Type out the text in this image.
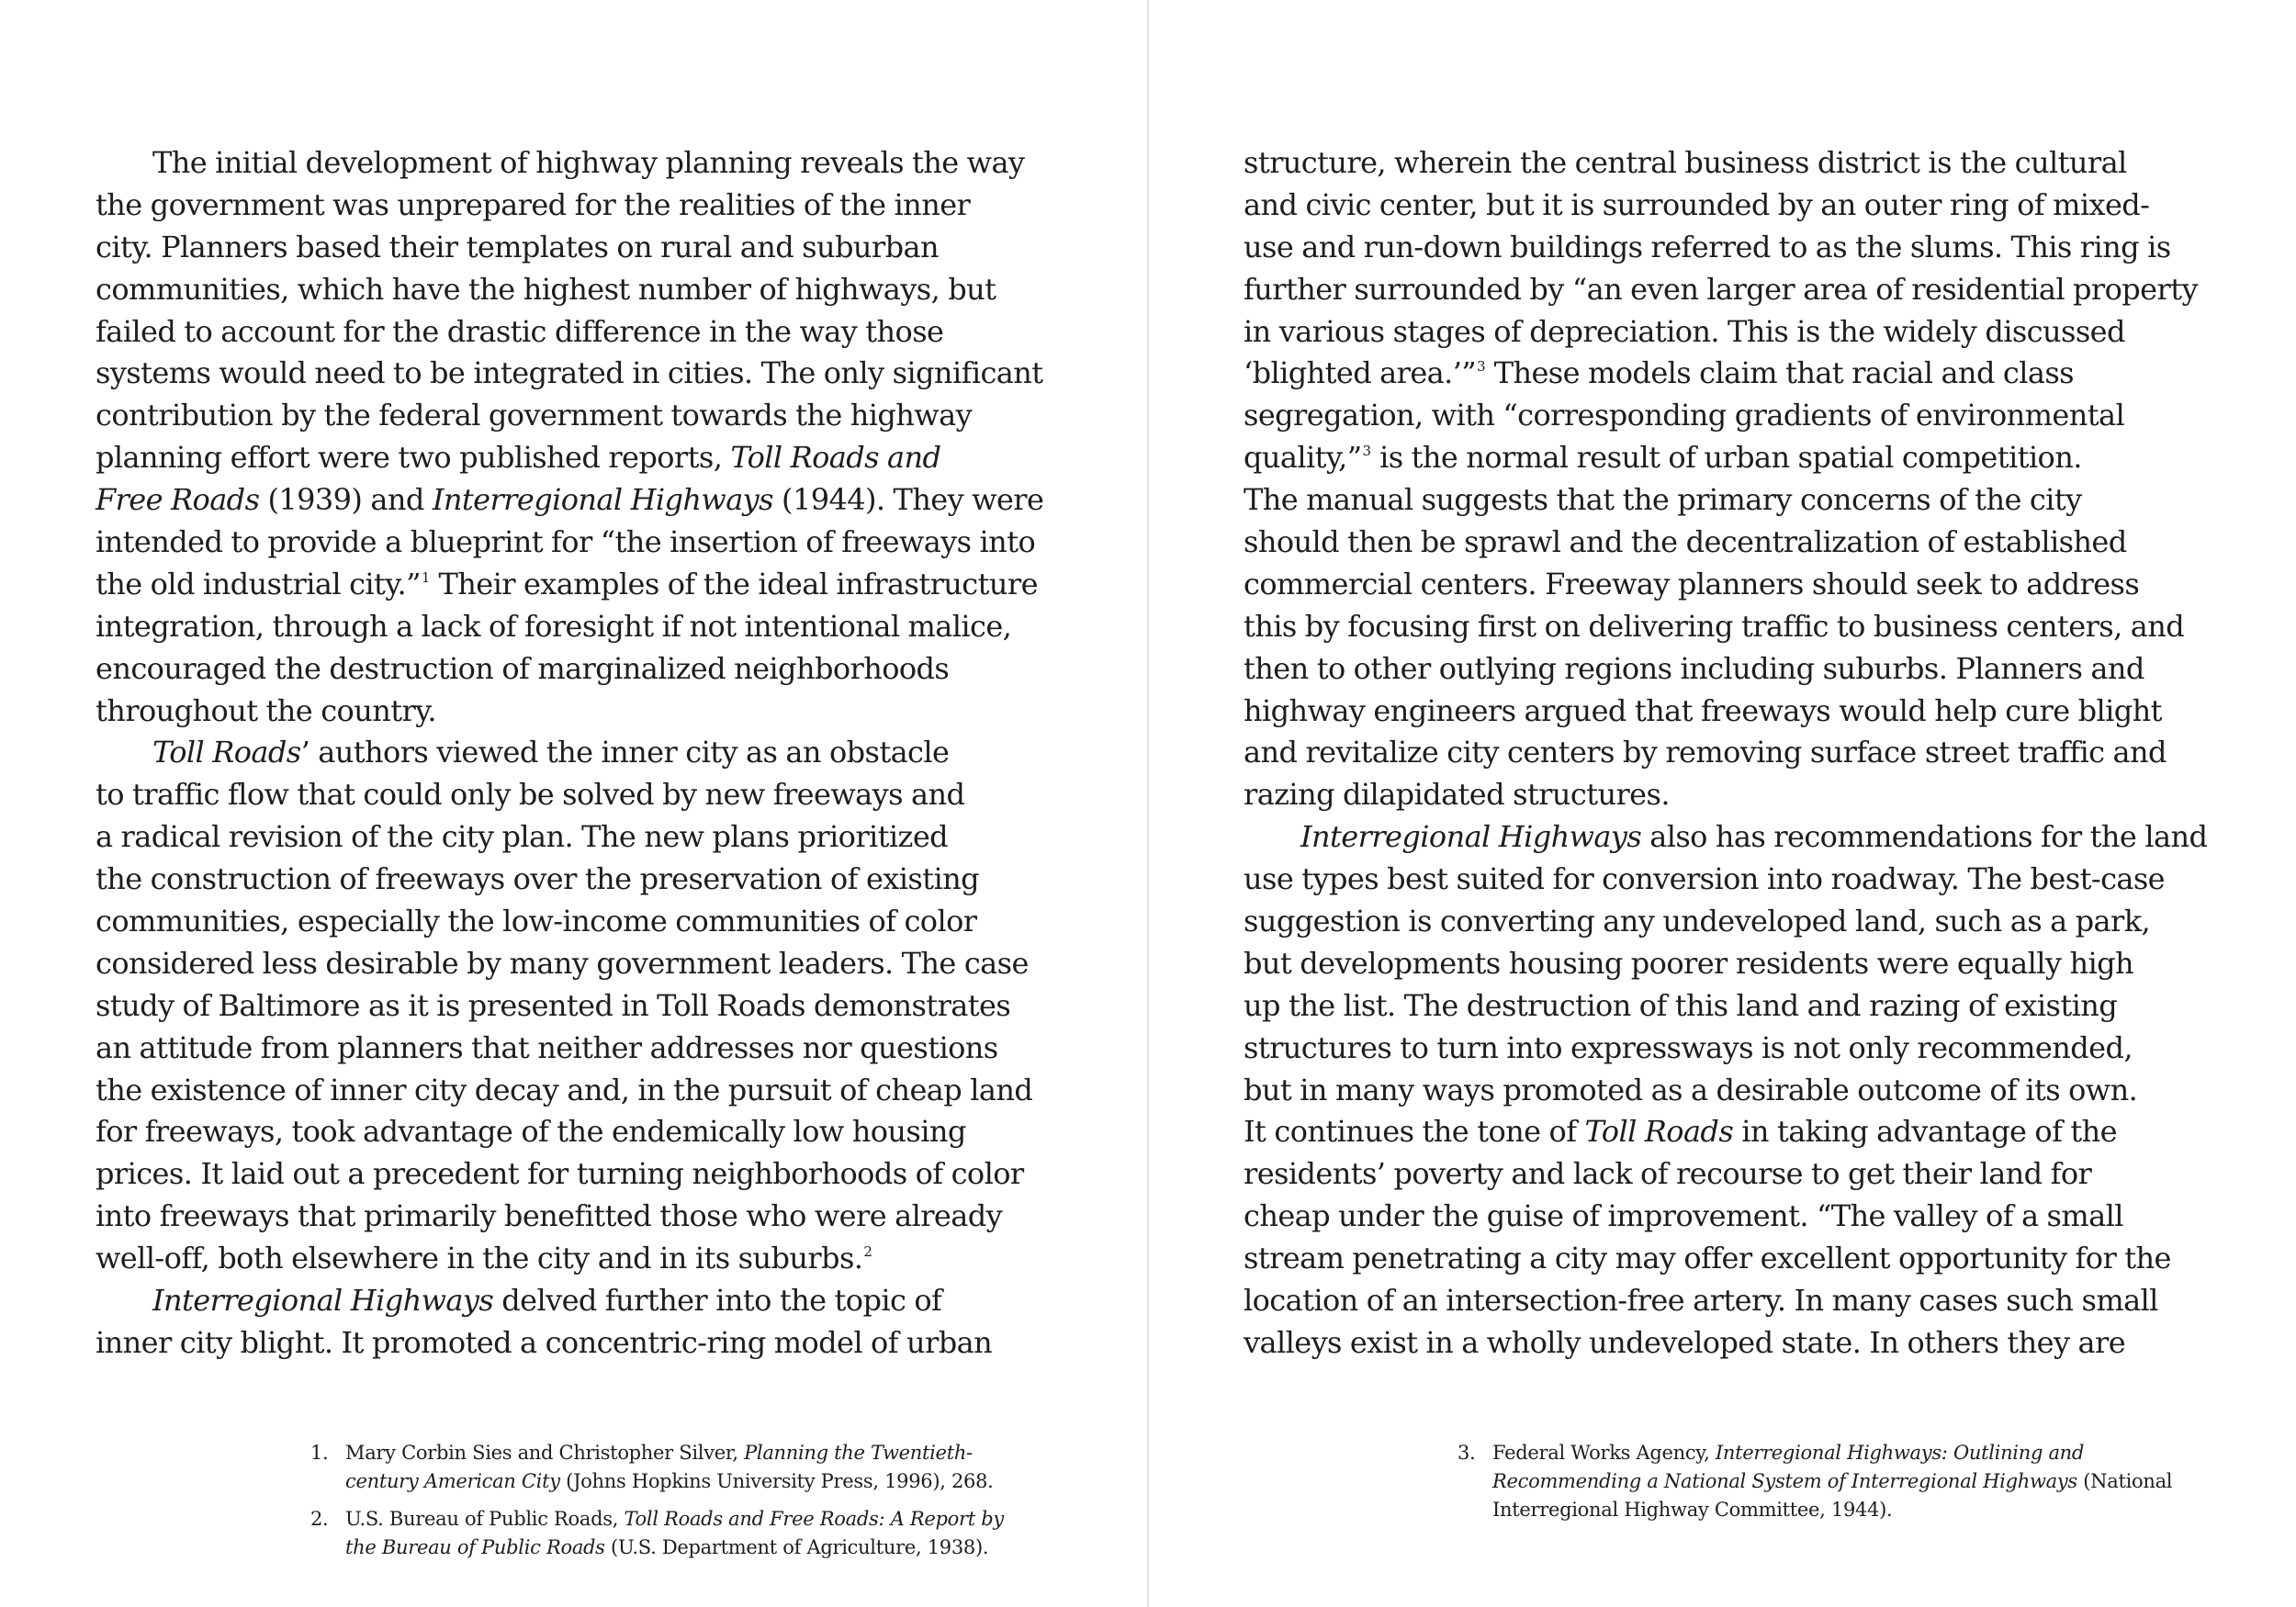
The initial development of highway planning reveals the way
the government was unprepared for the realities of the inner
city. Planners based their templates on rural and suburban
communities, which have the highest number of highways, but
failed to account for the drastic difference in the way those
systems would need to be integrated in cities. The only significant
contribution by the federal government towards the highway
planning effort were two published reports, Toll Roads and
Free Roads (1939) and Interregional Highways (1944). They were
intended to provide a blueprint for “the insertion of freeways into
the old industrial city.”$^1$ Their examples of the ideal infrastructure
integration, through a lack of foresight if not intentional malice,
encouraged the destruction of marginalized neighborhoods
throughout the country.
Toll Roads’ authors viewed the inner city as an obstacle
to traffic flow that could only be solved by new freeways and
a radical revision of the city plan. The new plans prioritized
the construction of freeways over the preservation of existing
communities, especially the low-income communities of color
considered less desirable by many government leaders. The case
study of Baltimore as it is presented in Toll Roads demonstrates
an attitude from planners that neither addresses nor questions
the existence of inner city decay and, in the pursuit of cheap land
for freeways, took advantage of the endemically low housing
prices. It laid out a precedent for turning neighborhoods of color
into freeways that primarily benefitted those who were already
well-off, both elsewhere in the city and in its suburbs.$^2$
Interregional Highways delved further into the topic of
inner city blight. It promoted a concentric-ring model of urban
1. Mary Corbin Sies and Christopher Silver, Planning the Twentieth-
century American City (Johns Hopkins University Press, 1996), 268.
2. U.S. Bureau of Public Roads, Toll Roads and Free Roads: A Report by
the Bureau of Public Roads (U.S. Department of Agriculture, 1938).
structure, wherein the central business district is the cultural
and civic center, but it is surrounded by an outer ring of mixed-
use and run-down buildings referred to as the slums. This ring is
further surrounded by “an even larger area of residential property
in various stages of depreciation. This is the widely discussed
‘blighted area.’”$^3$ These models claim that racial and class
segregation, with “corresponding gradients of environmental
quality,”$^3$ is the normal result of urban spatial competition.
The manual suggests that the primary concerns of the city
should then be sprawl and the decentralization of established
commercial centers. Freeway planners should seek to address
this by focusing first on delivering traffic to business centers, and
then to other outlying regions including suburbs. Planners and
highway engineers argued that freeways would help cure blight
and revitalize city centers by removing surface street traffic and
razing dilapidated structures.
Interregional Highways also has recommendations for the land
use types best suited for conversion into roadway. The best-case
suggestion is converting any undeveloped land, such as a park,
but developments housing poorer residents were equally high
up the list. The destruction of this land and razing of existing
structures to turn into expressways is not only recommended,
but in many ways promoted as a desirable outcome of its own.
It continues the tone of Toll Roads in taking advantage of the
residents’ poverty and lack of recourse to get their land for
cheap under the guise of improvement. “The valley of a small
stream penetrating a city may offer excellent opportunity for the
location of an intersection-free artery. In many cases such small
valleys exist in a wholly undeveloped state. In others they are
3. Federal Works Agency, Interregional Highways: Outlining and
Recommending a National System of Interregional Highways (National
Interregional Highway Committee, 1944).
